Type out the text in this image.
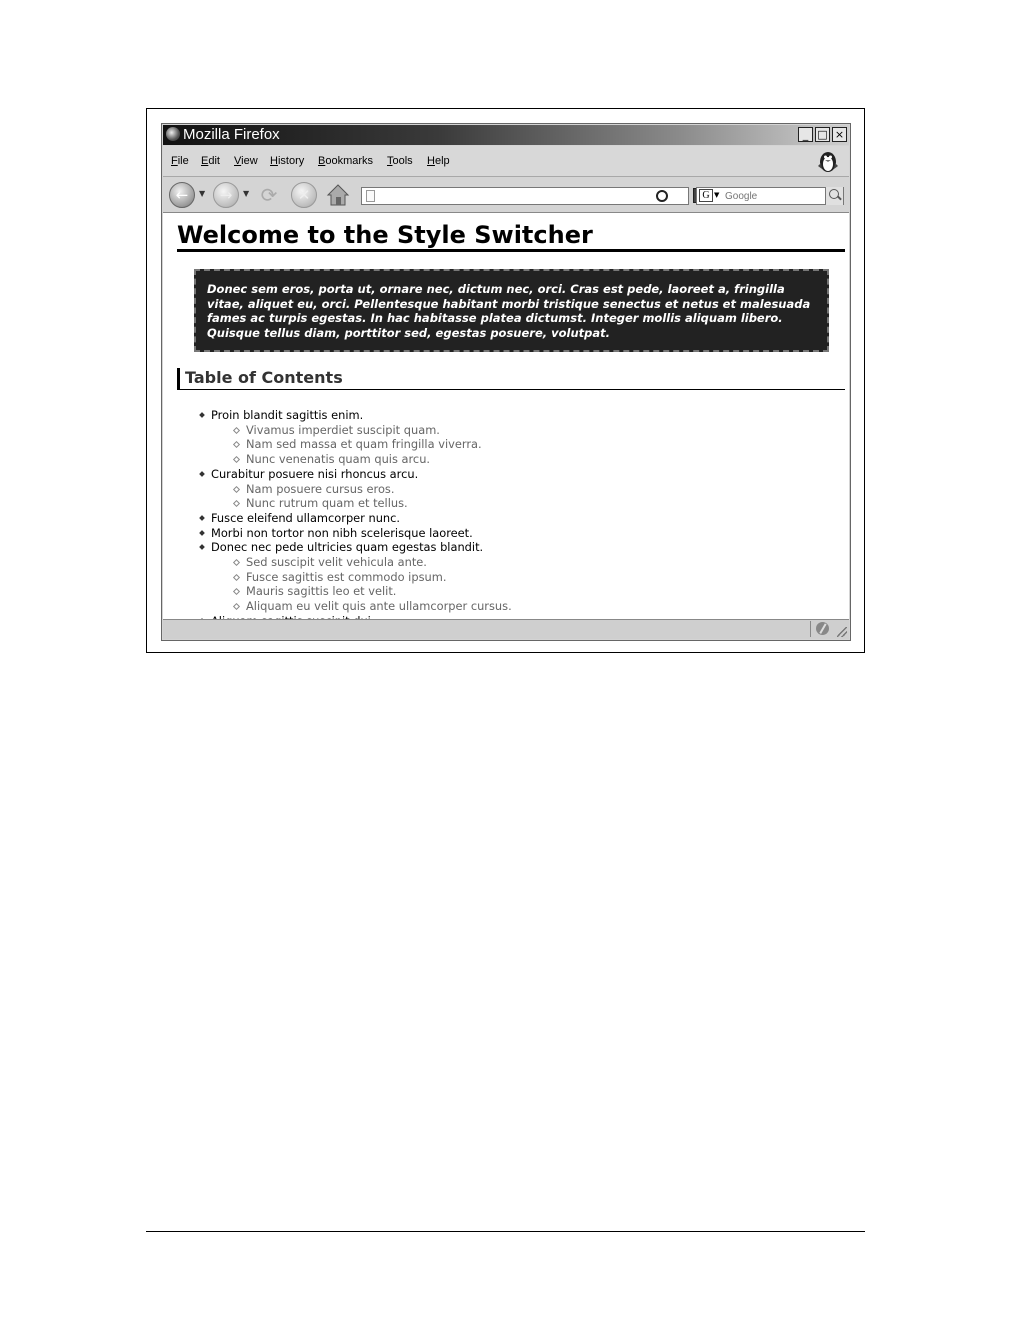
Mozilla Firefox	_ □ ×
File Edit View History Bookmarks Tools Help
←	▼ →	▼ ⟳	✕	G ▼
Google
Welcome to the Style Switcher

Donec sem eros, porta ut, ornare nec, dictum nec, orci. Cras est pede, laoreet a, fringilla vitae, aliquet eu, orci. Pellentesque habitant morbi tristique senectus et netus et malesuada fames ac turpis egestas. In hac habitasse platea dictumst. Integer mollis aliquam libero. Quisque tellus diam, porttitor sed, egestas posuere, volutpat.

Table of Contents
Proin blandit sagittis enim.
Vivamus imperdiet suscipit quam.
Nam sed massa et quam fringilla viverra.
Nunc venenatis quam quis arcu.
Curabitur posuere nisi rhoncus arcu.
Nam posuere cursus eros.
Nunc rutrum quam et tellus.
Fusce eleifend ullamcorper nunc.
Morbi non tortor non nibh scelerisque laoreet.
Donec nec pede ultricies quam egestas blandit.
Sed suscipit velit vehicula ante.
Fusce sagittis est commodo ipsum.
Mauris sagittis leo et velit.
Aliquam eu velit quis ante ullamcorper cursus.
